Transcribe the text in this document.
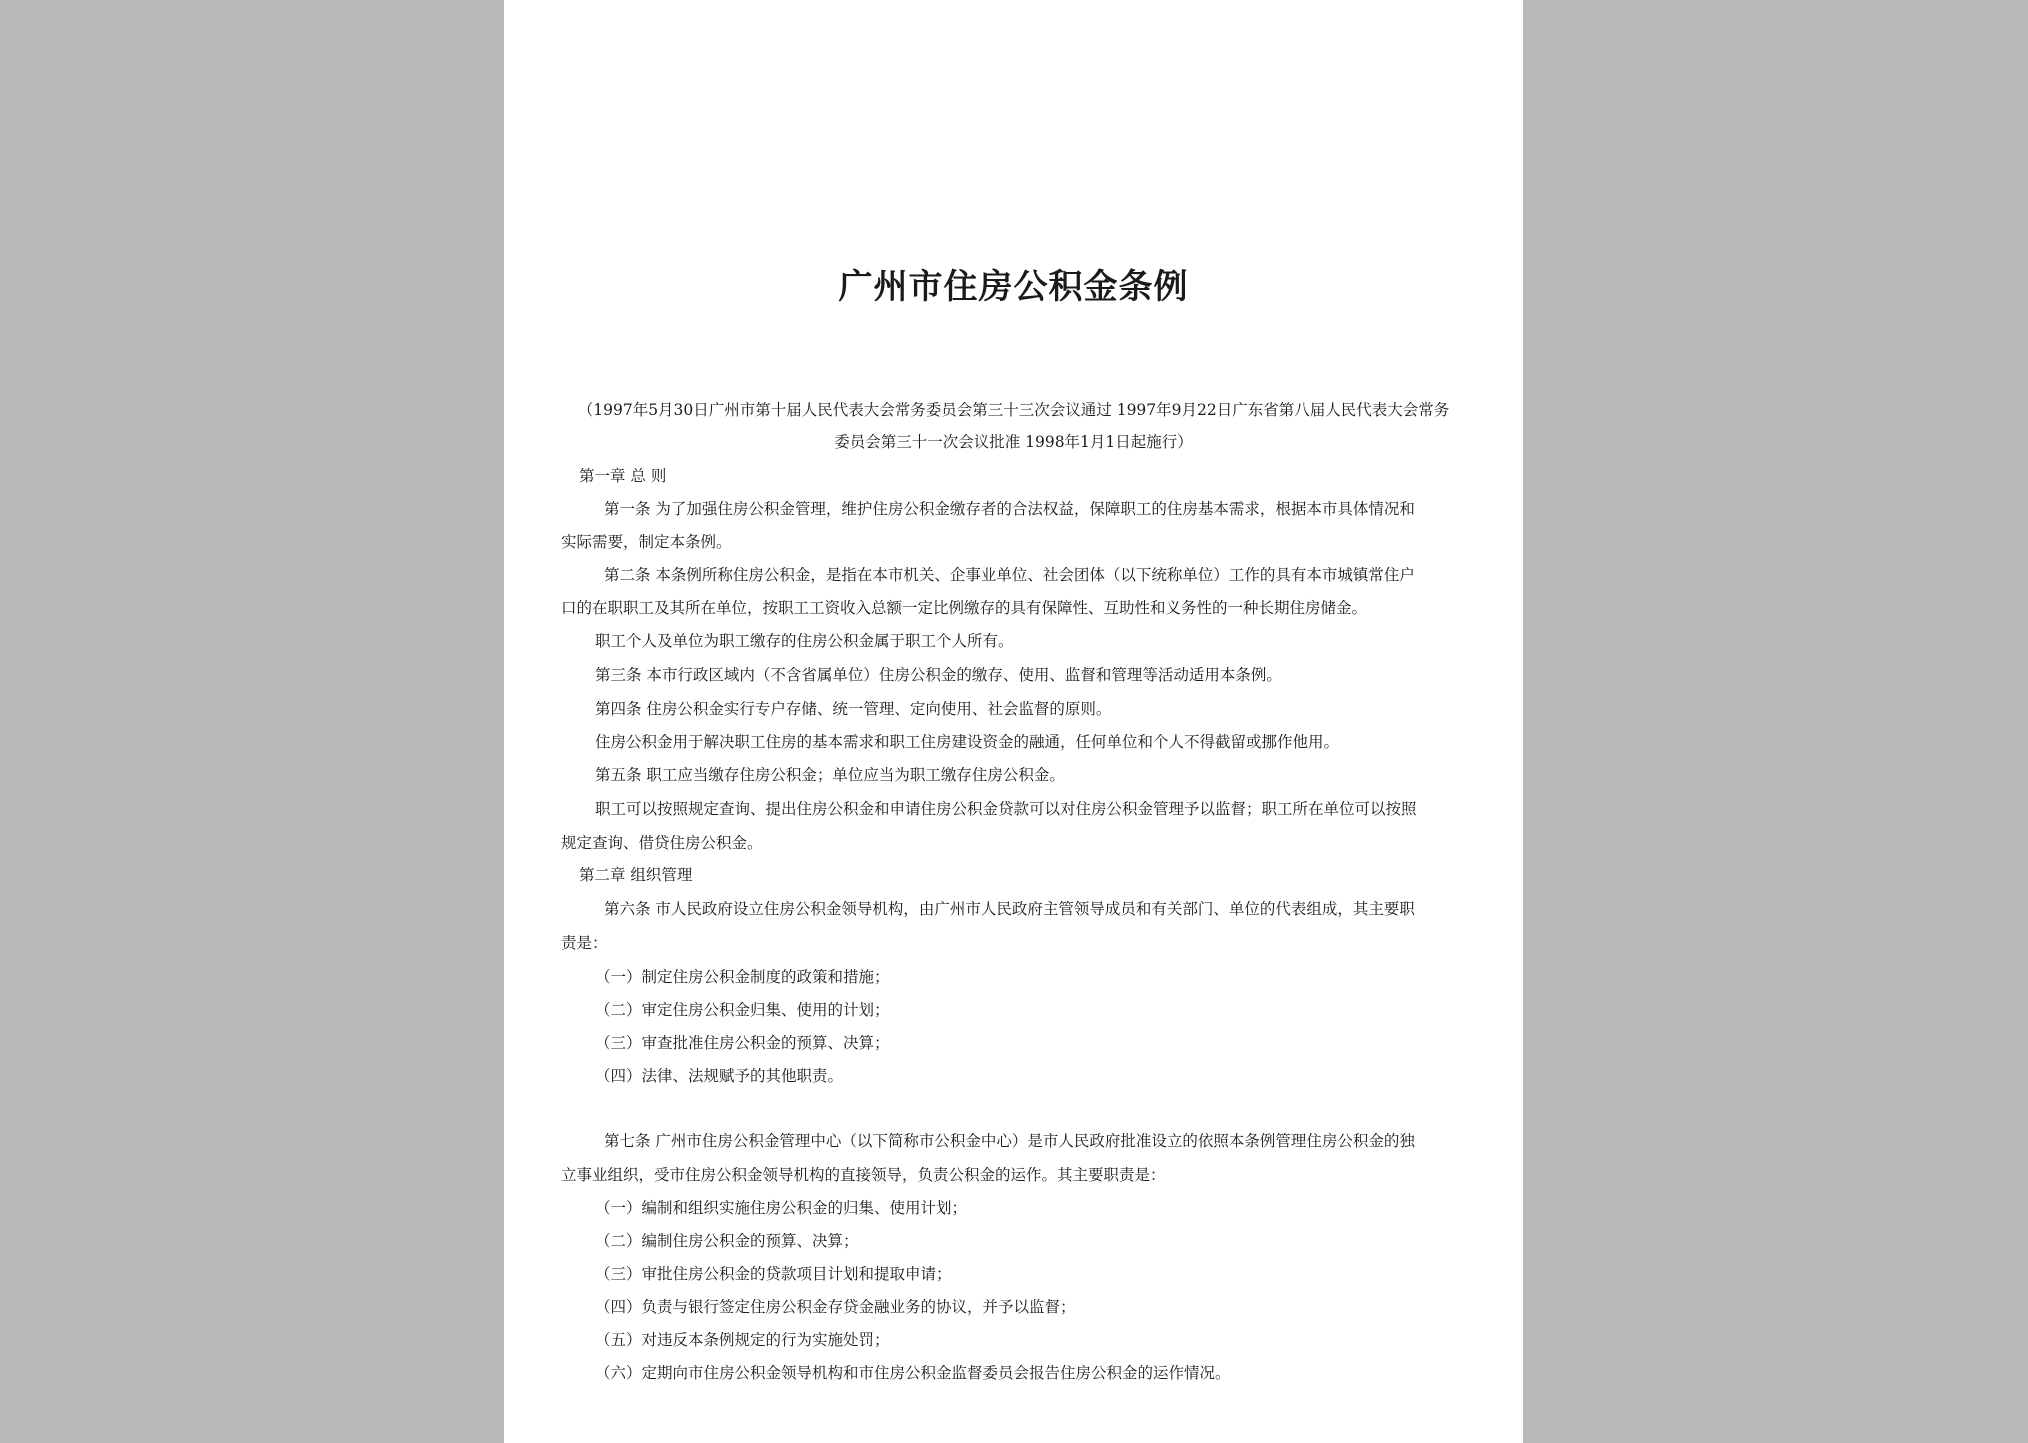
广州市住房公积金条例

（1997年5月30日广州市第十届人民代表大会常务委员会第三十三次会议通过 1997年9月22日广东省第八届人民代表大会常务

委员会第三十一次会议批准 1998年1月1日起施行）

第一章 总 则

第一条 为了加强住房公积金管理，维护住房公积金缴存者的合法权益，保障职工的住房基本需求，根据本市具体情况和

实际需要，制定本条例。

第二条 本条例所称住房公积金，是指在本市机关、企事业单位、社会团体（以下统称单位）工作的具有本市城镇常住户

口的在职职工及其所在单位，按职工工资收入总额一定比例缴存的具有保障性、互助性和义务性的一种长期住房储金。

职工个人及单位为职工缴存的住房公积金属于职工个人所有。

第三条 本市行政区域内（不含省属单位）住房公积金的缴存、使用、监督和管理等活动适用本条例。

第四条 住房公积金实行专户存储、统一管理、定向使用、社会监督的原则。

住房公积金用于解决职工住房的基本需求和职工住房建设资金的融通，任何单位和个人不得截留或挪作他用。

第五条 职工应当缴存住房公积金；单位应当为职工缴存住房公积金。

职工可以按照规定查询、提出住房公积金和申请住房公积金贷款可以对住房公积金管理予以监督；职工所在单位可以按照

规定查询、借贷住房公积金。

第二章 组织管理

第六条 市人民政府设立住房公积金领导机构，由广州市人民政府主管领导成员和有关部门、单位的代表组成，其主要职

责是：

（一）制定住房公积金制度的政策和措施；

（二）审定住房公积金归集、使用的计划；

（三）审查批准住房公积金的预算、决算；

（四）法律、法规赋予的其他职责。

第七条 广州市住房公积金管理中心（以下简称市公积金中心）是市人民政府批准设立的依照本条例管理住房公积金的独

立事业组织，受市住房公积金领导机构的直接领导，负责公积金的运作。其主要职责是：

（一）编制和组织实施住房公积金的归集、使用计划；

（二）编制住房公积金的预算、决算；

（三）审批住房公积金的贷款项目计划和提取申请；

（四）负责与银行签定住房公积金存贷金融业务的协议，并予以监督；

（五）对违反本条例规定的行为实施处罚；

（六）定期向市住房公积金领导机构和市住房公积金监督委员会报告住房公积金的运作情况。
